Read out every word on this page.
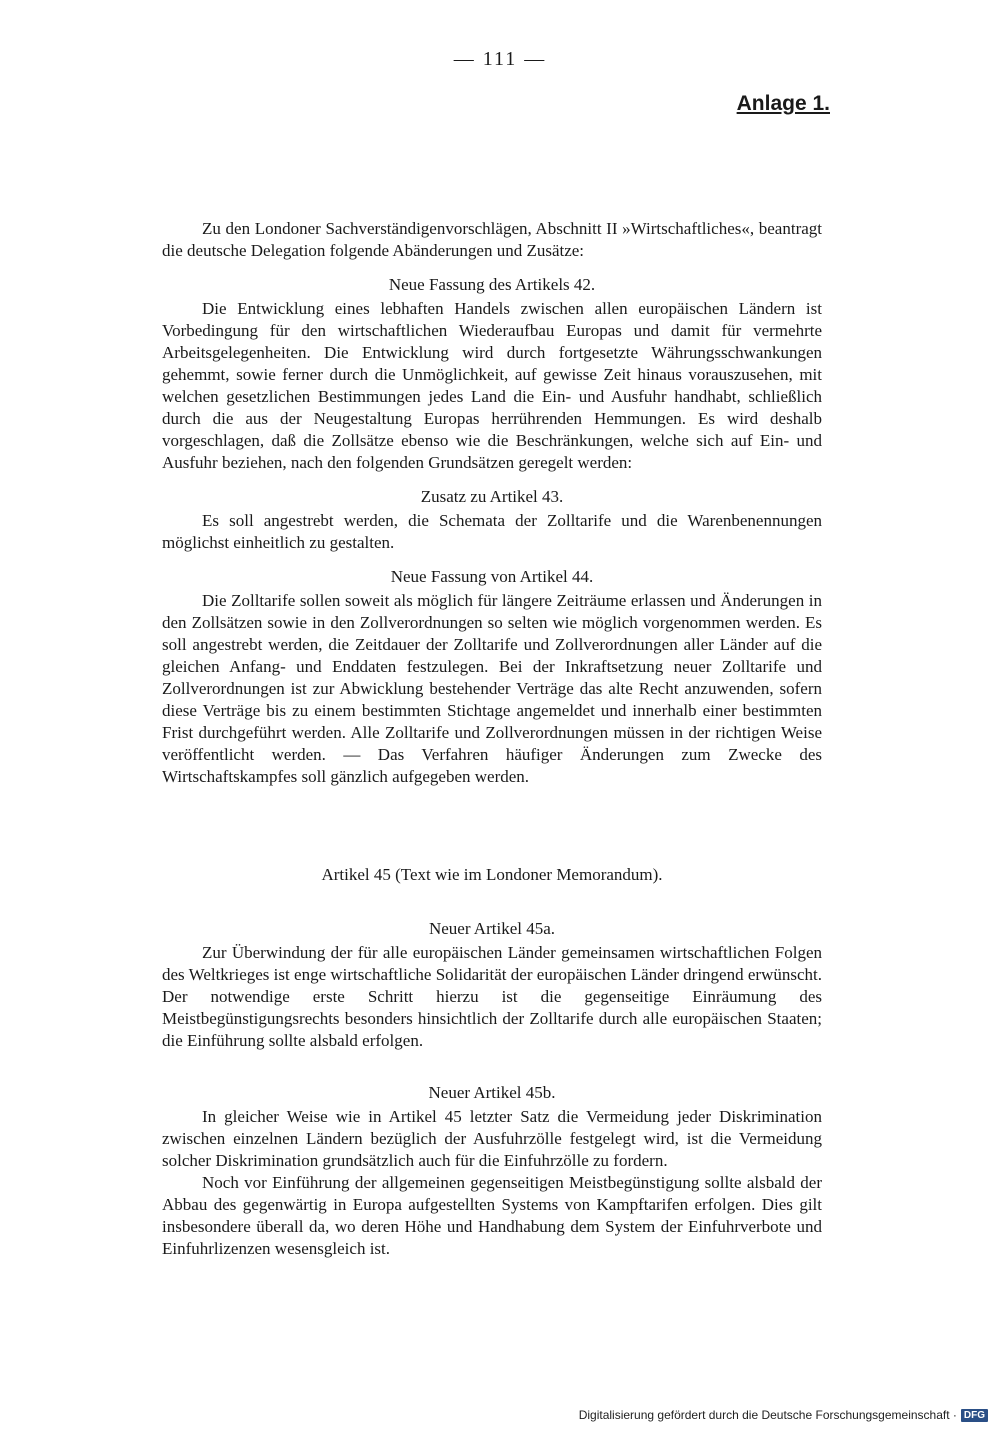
— 111 —
Anlage 1.

Zu den Londoner Sachverständigenvorschlägen, Abschnitt II »Wirtschaftliches«, beantragt die deutsche Delegation folgende Abänderungen und Zusätze:

Neue Fassung des Artikels 42.

Die Entwicklung eines lebhaften Handels zwischen allen europäischen Ländern ist Vorbedingung für den wirtschaftlichen Wiederaufbau Europas und damit für vermehrte Arbeitsgelegenheiten. Die Entwicklung wird durch fortgesetzte Währungsschwankungen gehemmt, sowie ferner durch die Unmöglichkeit, auf gewisse Zeit hinaus vorauszusehen, mit welchen gesetzlichen Bestimmungen jedes Land die Ein- und Ausfuhr handhabt, schließlich durch die aus der Neugestaltung Europas herrührenden Hemmungen. Es wird deshalb vorgeschlagen, daß die Zollsätze ebenso wie die Beschränkungen, welche sich auf Ein- und Ausfuhr beziehen, nach den folgenden Grundsätzen geregelt werden:

Zusatz zu Artikel 43.

Es soll angestrebt werden, die Schemata der Zolltarife und die Warenbenennungen möglichst einheitlich zu gestalten.

Neue Fassung von Artikel 44.

Die Zolltarife sollen soweit als möglich für längere Zeiträume erlassen und Änderungen in den Zollsätzen sowie in den Zollverordnungen so selten wie möglich vorgenommen werden. Es soll angestrebt werden, die Zeitdauer der Zolltarife und Zollverordnungen aller Länder auf die gleichen Anfang- und Enddaten festzulegen. Bei der Inkraftsetzung neuer Zolltarife und Zollverordnungen ist zur Abwicklung bestehender Verträge das alte Recht anzuwenden, sofern diese Verträge bis zu einem bestimmten Stichtage angemeldet und innerhalb einer bestimmten Frist durchgeführt werden. Alle Zolltarife und Zollverordnungen müssen in der richtigen Weise veröffentlicht werden. — Das Verfahren häufiger Änderungen zum Zwecke des Wirtschaftskampfes soll gänzlich aufgegeben werden.

Artikel 45 (Text wie im Londoner Memorandum).
Neuer Artikel 45a.

Zur Überwindung der für alle europäischen Länder gemeinsamen wirtschaftlichen Folgen des Weltkrieges ist enge wirtschaftliche Solidarität der europäischen Länder dringend erwünscht. Der notwendige erste Schritt hierzu ist die gegenseitige Einräumung des Meistbegünstigungsrechts besonders hinsichtlich der Zolltarife durch alle europäischen Staaten; die Einführung sollte alsbald erfolgen.

Neuer Artikel 45b.

In gleicher Weise wie in Artikel 45 letzter Satz die Vermeidung jeder Diskrimination zwischen einzelnen Ländern bezüglich der Ausfuhrzölle festgelegt wird, ist die Vermeidung solcher Diskrimination grundsätzlich auch für die Einfuhrzölle zu fordern.

Noch vor Einführung der allgemeinen gegenseitigen Meistbegünstigung sollte alsbald der Abbau des gegenwärtig in Europa aufgestellten Systems von Kampftarifen erfolgen. Dies gilt insbesondere überall da, wo deren Höhe und Handhabung dem System der Einfuhrverbote und Einfuhrlizenzen wesensgleich ist.

Digitalisierung gefördert durch die Deutsche Forschungsgemeinschaft · DFG
